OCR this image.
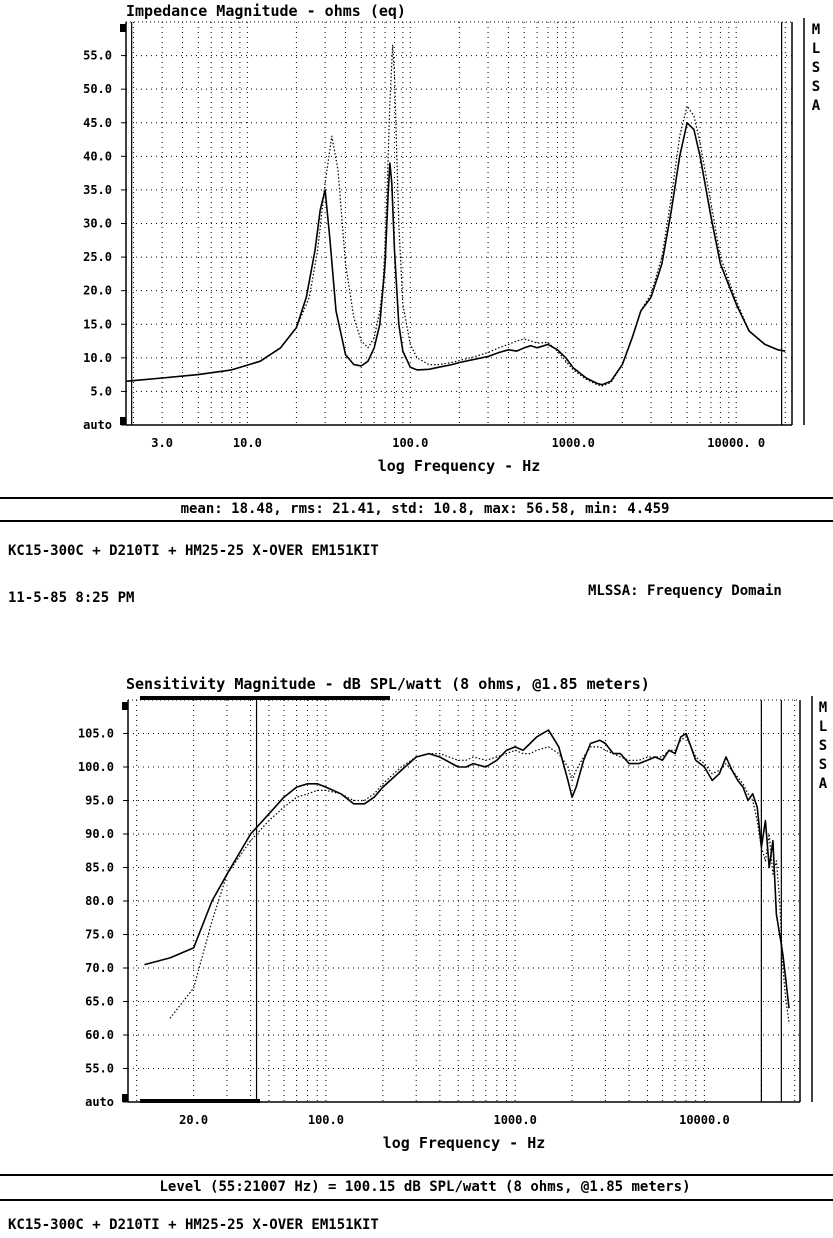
Impedance Magnitude - ohms (eq)
55.0
50.0
45.0
40.0
35.0
30.0
25.0
20.0
15.0
10.0
5.0
auto
3.0	10.0	100.0	1000.0	10000. 0
log Frequency - Hz
M
L
S
S
A
Sensitivity Magnitude - dB SPL/watt (8 ohms, @1.85 meters)
105.0
100.0
95.0
90.0
85.0
80.0
75.0
70.0
65.0
60.0
55.0
auto
20.0	100.0	1000.0	10000.0
log Frequency - Hz
M
L
S
S
A
mean: 18.48, rms: 21.41, std: 10.8, max: 56.58, min: 4.459
KC15-300C + D210TI + HM25-25 X-OVER EM151KIT
11-5-85 8:25 PM	MLSSA: Frequency Domain
Level (55:21007 Hz) = 100.15 dB SPL/watt (8 ohms, @1.85 meters)
KC15-300C + D210TI + HM25-25 X-OVER EM151KIT
